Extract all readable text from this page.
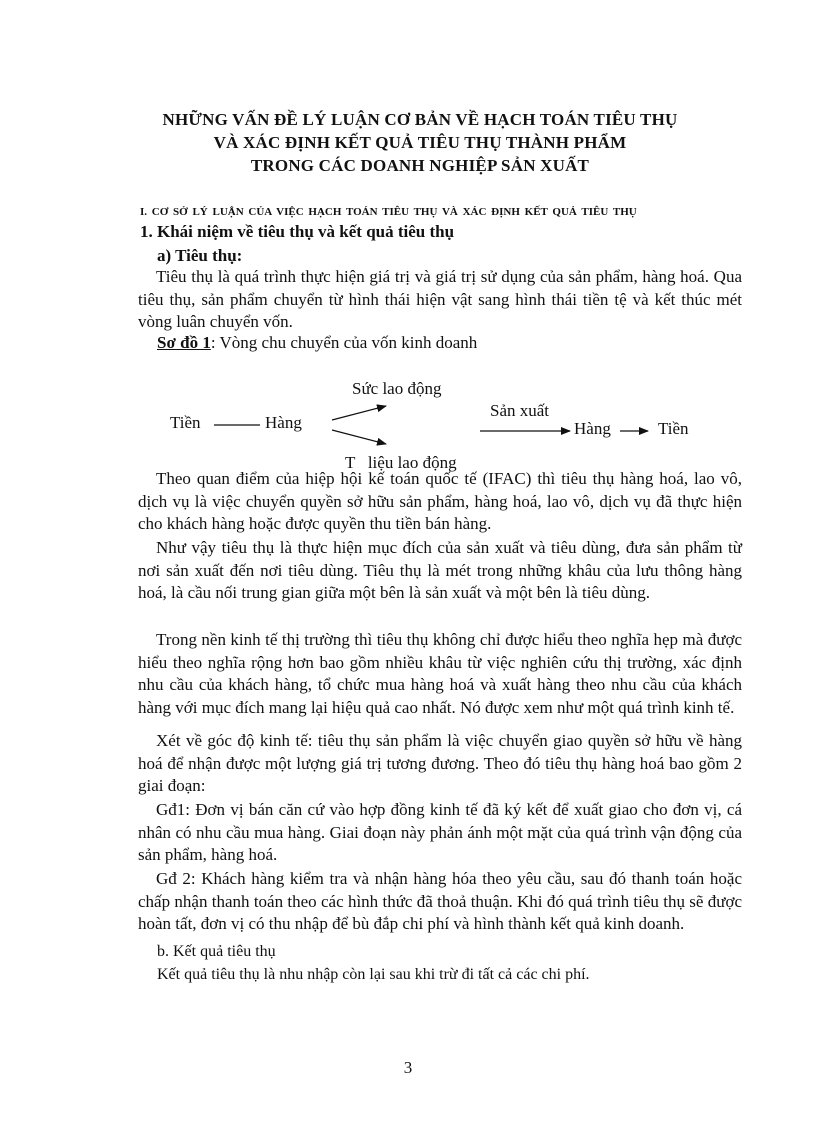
NHỮNG VẤN ĐỀ LÝ LUẬN CƠ BẢN VỀ HẠCH TOÁN TIÊU THỤ
VÀ XÁC ĐỊNH KẾT QUẢ TIÊU THỤ THÀNH PHẨM
TRONG CÁC DOANH NGHIỆP SẢN XUẤT
I. CƠ SỞ LÝ LUẬN CỦA VIỆC HẠCH TOÁN TIÊU THỤ VÀ XÁC ĐỊNH KẾT QUẢ TIÊU THỤ
1. Khái niệm về tiêu thụ và kết quả tiêu thụ
a) Tiêu thụ:
Tiêu thụ là quá trình thực hiện giá trị và giá trị sử dụng của sản phẩm, hàng hoá. Qua tiêu thụ, sản phẩm chuyển từ hình thái hiện vật sang hình thái tiền tệ và kết thúc mét vòng luân chuyển vốn.
Sơ đồ 1: Vòng chu chuyển của vốn kinh doanh
Tiền	Hàng
Sức lao động
T   liệu lao động
Sản xuất
Hàng	Tiền
Theo quan điểm của hiệp hội kế toán quốc tế (IFAC) thì tiêu thụ hàng hoá, lao vô, dịch vụ là việc chuyển quyền sở hữu sản phẩm, hàng hoá, lao vô, dịch vụ đã thực hiện cho khách hàng hoặc được quyền thu tiền bán hàng.
Như vậy tiêu thụ là thực hiện mục đích của sản xuất và tiêu dùng, đưa sản phẩm từ nơi sản xuất đến nơi tiêu dùng. Tiêu thụ là mét trong những khâu của lưu thông hàng hoá, là cầu nối trung gian giữa một bên là sản xuất và một bên là tiêu dùng.
Trong nền kinh tế thị trường thì tiêu thụ không chỉ được hiểu theo nghĩa hẹp mà được hiểu theo nghĩa rộng hơn bao gồm nhiều khâu từ việc nghiên cứu thị trường, xác định nhu cầu của khách hàng, tổ chức mua hàng hoá và xuất hàng theo nhu cầu của khách hàng với mục đích mang lại hiệu quả cao nhất. Nó được xem như một quá trình kinh tế.
Xét về góc độ kinh tế: tiêu thụ sản phẩm là việc chuyển giao quyền sở hữu về hàng hoá để nhận được một lượng giá trị tương đương. Theo đó tiêu thụ hàng hoá bao gồm 2 giai đoạn:
Gđ1: Đơn vị bán căn cứ vào hợp đồng kinh tế đã ký kết để xuất giao cho đơn vị, cá nhân có nhu cầu mua hàng. Giai đoạn này phản ánh một mặt của quá trình vận động của sản phẩm, hàng hoá.
Gđ 2: Khách hàng kiểm tra và nhận hàng hóa theo yêu cầu, sau đó thanh toán hoặc chấp nhận thanh toán theo các hình thức đã thoả thuận. Khi đó quá trình tiêu thụ sẽ được hoàn tất, đơn vị có thu nhập để bù đắp chi phí và hình thành kết quả kinh doanh.
b. Kết quả tiêu thụ
Kết quả tiêu thụ là nhu nhập còn lại sau khi trừ đi tất cả các chi phí.
3
